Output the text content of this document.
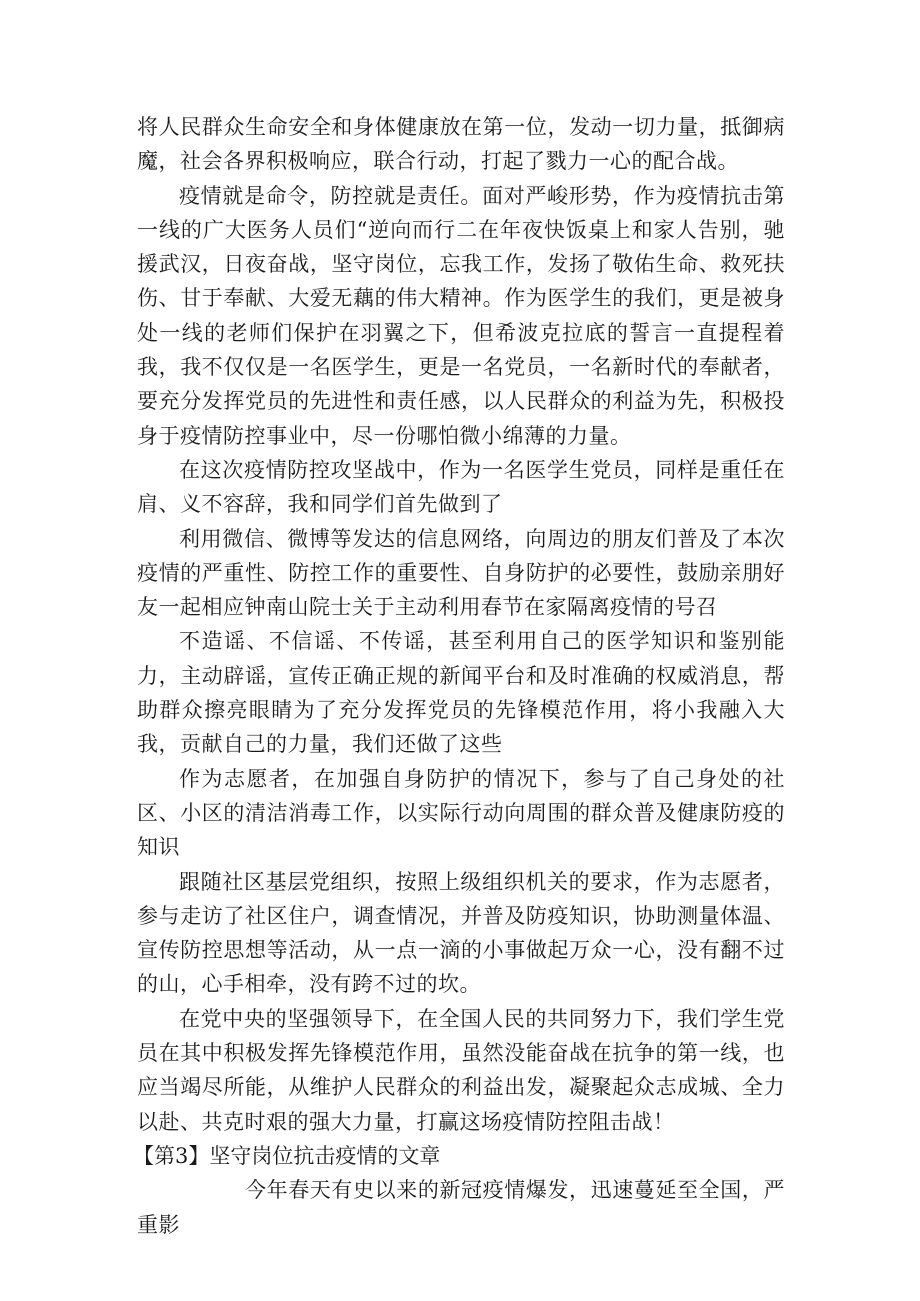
将人民群众生命安全和身体健康放在第一位，发动一切力量，抵御病魔，社会各界积极响应，联合行动，打起了戮力一心的配合战。

疫情就是命令，防控就是责任。面对严峻形势，作为疫情抗击第一线的广大医务人员们“逆向而行二在年夜快饭桌上和家人告别，驰援武汉，日夜奋战，坚守岗位，忘我工作，发扬了敬佑生命、救死扶伤、甘于奉献、大爱无藕的伟大精神。作为医学生的我们，更是被身处一线的老师们保护在羽翼之下，但希波克拉底的誓言一直提程着我，我不仅仅是一名医学生，更是一名党员，一名新时代的奉献者，要充分发挥党员的先进性和责任感，以人民群众的利益为先，积极投身于疫情防控事业中，尽一份哪怕微小绵薄的力量。

在这次疫情防控攻坚战中，作为一名医学生党员，同样是重任在肩、义不容辞，我和同学们首先做到了

利用微信、微博等发达的信息网络，向周边的朋友们普及了本次疫情的严重性、防控工作的重要性、自身防护的必要性，鼓励亲朋好友一起相应钟南山院士关于主动利用春节在家隔离疫情的号召

不造谣、不信谣、不传谣，甚至利用自己的医学知识和鉴别能力，主动辟谣，宣传正确正规的新闻平台和及时准确的权威消息，帮助群众擦亮眼睛为了充分发挥党员的先锋模范作用，将小我融入大我，贡献自己的力量，我们还做了这些

作为志愿者，在加强自身防护的情况下，参与了自己身处的社区、小区的清洁消毒工作，以实际行动向周围的群众普及健康防疫的知识

跟随社区基层党组织，按照上级组织机关的要求，作为志愿者，参与走访了社区住户，调查情况，并普及防疫知识，协助测量体温、宣传防控思想等活动，从一点一滴的小事做起万众一心，没有翻不过的山，心手相牵，没有跨不过的坎。

在党中央的坚强领导下，在全国人民的共同努力下，我们学生党员在其中积极发挥先锋模范作用，虽然没能奋战在抗争的第一线，也应当竭尽所能，从维护人民群众的利益出发，凝聚起众志成城、全力以赴、共克时艰的强大力量，打赢这场疫情防控阻击战！

【第3】坚守岗位抗击疫情的文章

今年春天有史以来的新冠疫情爆发，迅速蔓延至全国，严重影
